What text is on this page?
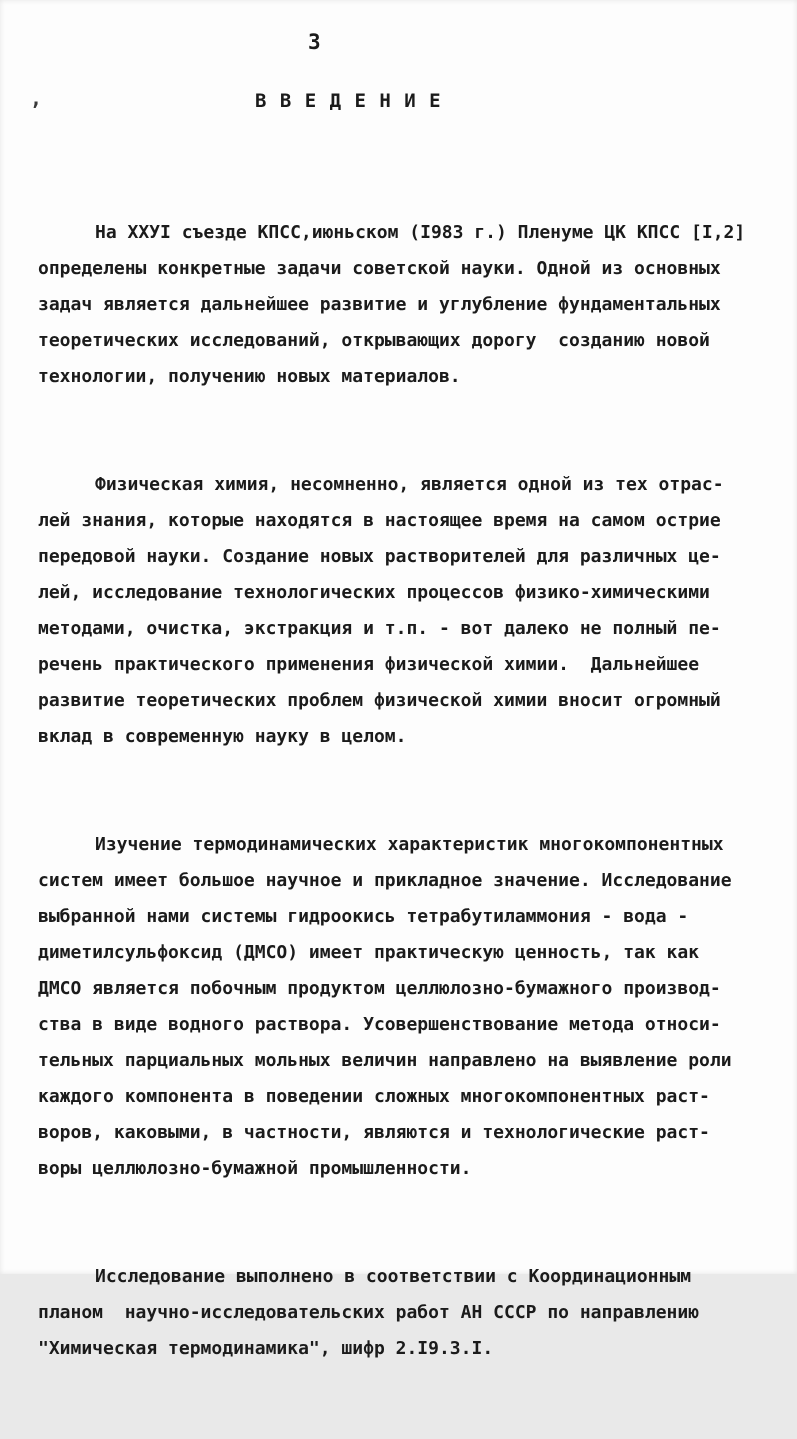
3
В В Е Д Е Н И Е
,

На ХХУI съезде КПСС,июньском (I983 г.) Пленуме ЦК КПСС [I,2]
определены конкретные задачи советской науки. Одной из основных
задач является дальнейшее развитие и углубление фундаментальных
теоретических исследований, открывающих дорогу  созданию новой
технологии, получению новых материалов.

Физическая химия, несомненно, является одной из тех отрас-
лей знания, которые находятся в настоящее время на самом острие
передовой науки. Создание новых растворителей для различных це-
лей, исследование технологических процессов физико-химическими
методами, очистка, экстракция и т.п. - вот далеко не полный пе-
речень практического применения физической химии.  Дальнейшее
развитие теоретических проблем физической химии вносит огромный
вклад в современную науку в целом.

Изучение термодинамических характеристик многокомпонентных
систем имеет большое научное и прикладное значение. Исследование
выбранной нами системы гидроокись тетрабутиламмония - вода -
диметилсульфоксид (ДМСО) имеет практическую ценность, так как
ДМСО является побочным продуктом целлюлозно-бумажного производ-
ства в виде водного раствора. Усовершенствование метода относи-
тельных парциальных мольных величин направлено на выявление роли
каждого компонента в поведении сложных многокомпонентных раст-
воров, каковыми, в частности, являются и технологические раст-
воры целлюлозно-бумажной промышленности.

Исследование выполнено в соответствии с Координационным
планом  научно-исследовательских работ АН СССР по направлению
"Химическая термодинамика", шифр 2.I9.3.I.
